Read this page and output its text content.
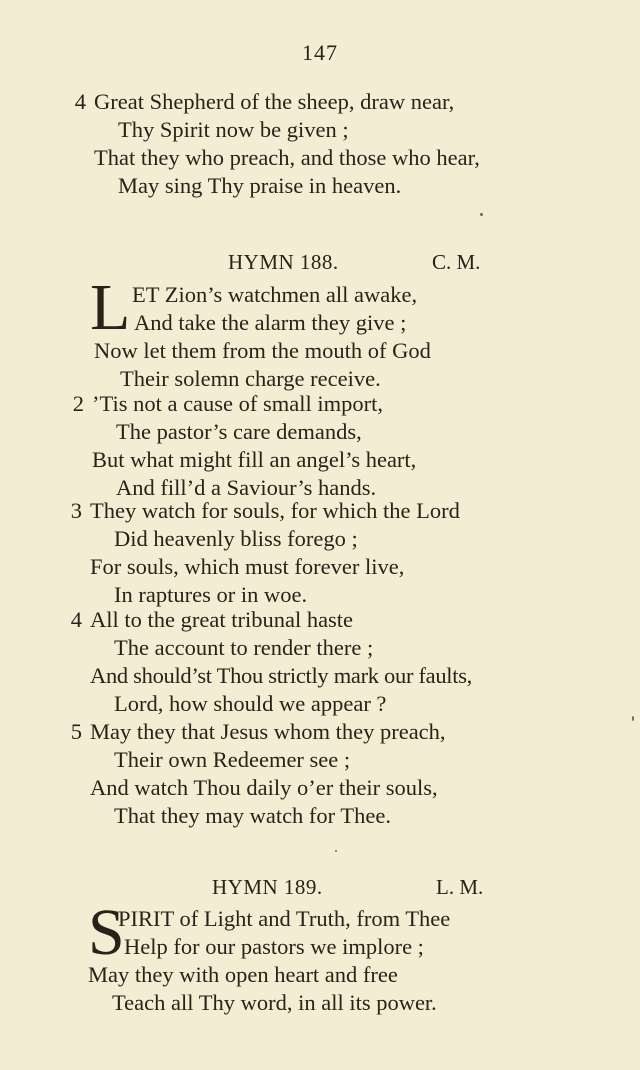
147
4 Great Shepherd of the sheep, draw near,
Thy Spirit now be given ;
That they who preach, and those who hear,
May sing Thy praise in heaven.
HYMN 188.	C. M.
L ET Zion’s watchmen all awake,
And take the alarm they give ;
Now let them from the mouth of God
Their solemn charge receive.
2 ’Tis not a cause of small import,
The pastor’s care demands,
But what might fill an angel’s heart,
And fill’d a Saviour’s hands.
3 They watch for souls, for which the Lord
Did heavenly bliss forego ;
For souls, which must forever live,
In raptures or in woe.
4 All to the great tribunal haste
The account to render there ;
And should’st Thou strictly mark our faults,
Lord, how should we appear ?
5 May they that Jesus whom they preach,
Their own Redeemer see ;
And watch Thou daily o’er their souls,
That they may watch for Thee.
HYMN 189.	L. M.
S
PIRIT of Light and Truth, from Thee
Help for our pastors we implore ;
May they with open heart and free
Teach all Thy word, in all its power.
